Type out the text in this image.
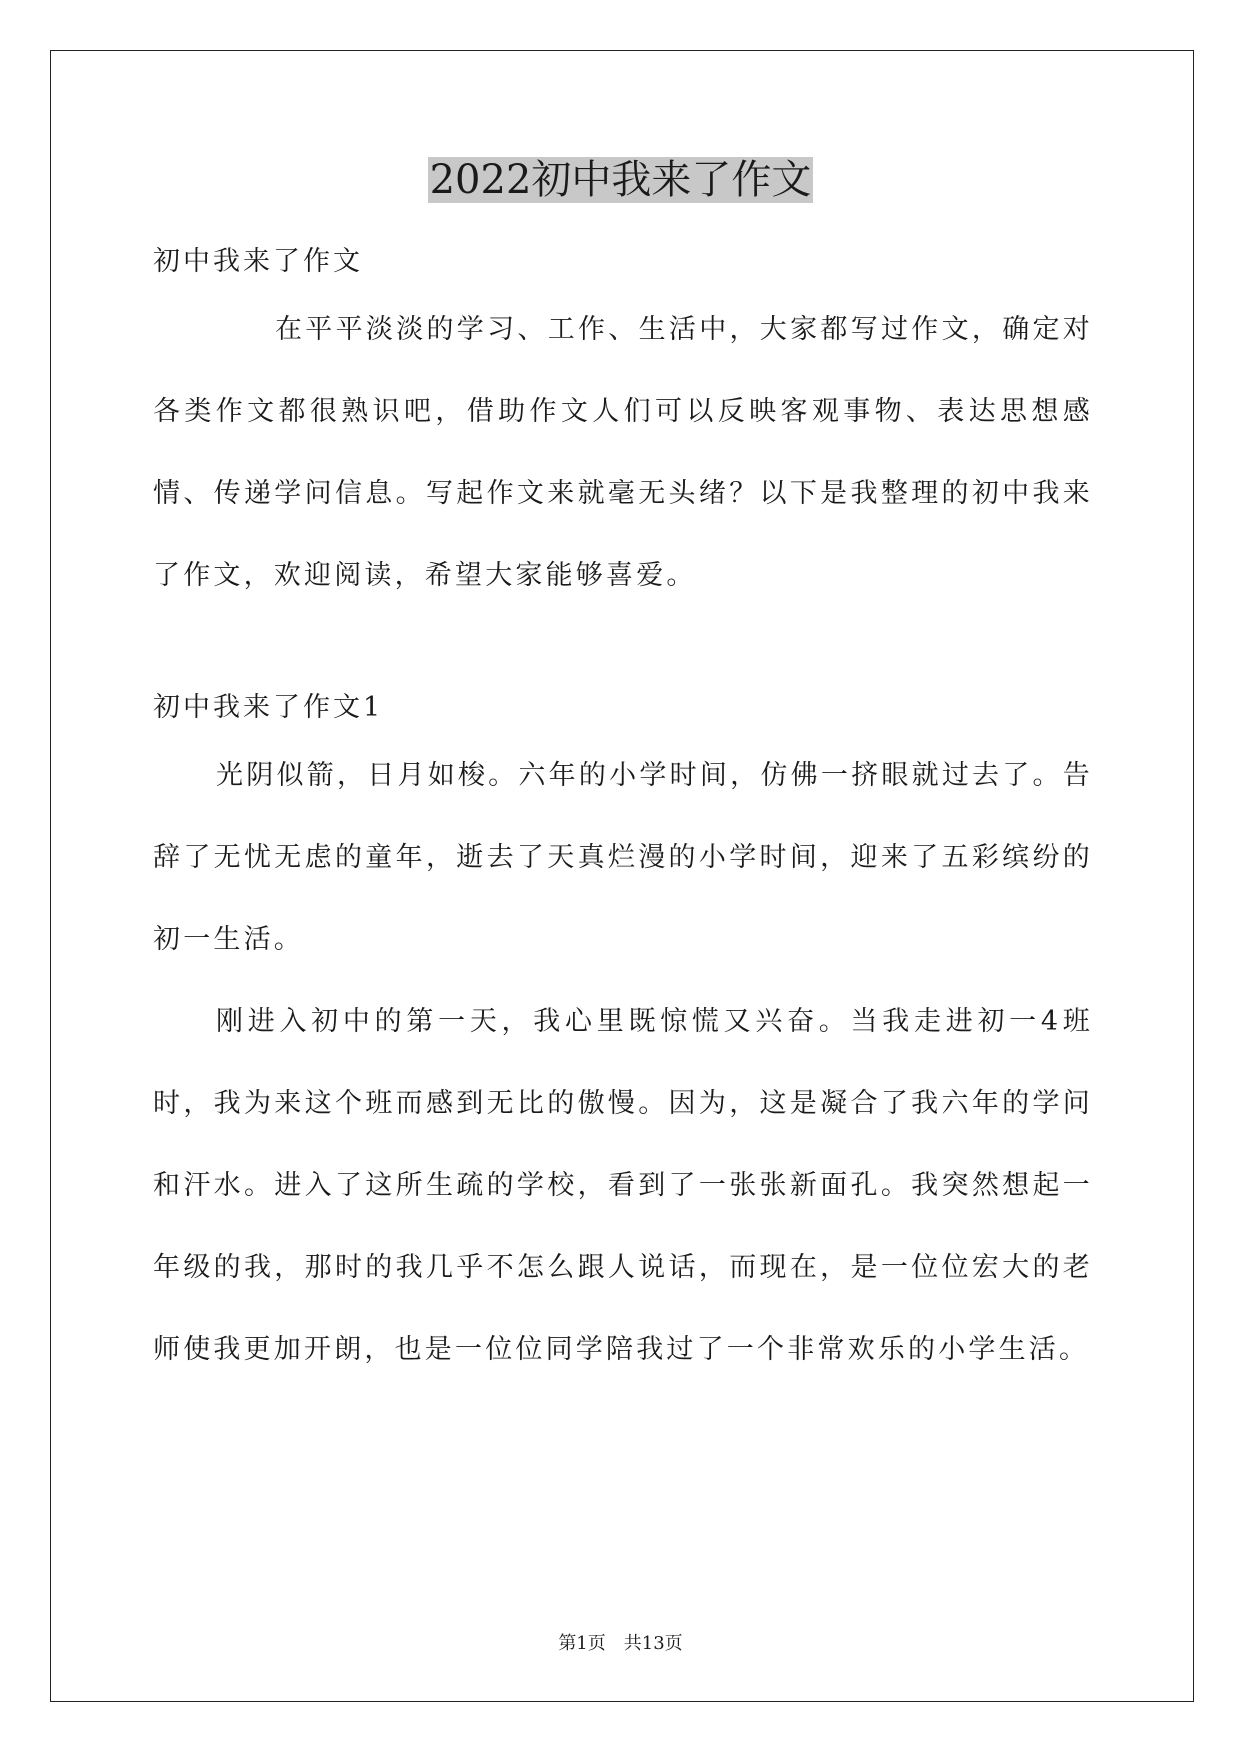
2022初中我来了作文
初中我来了作文

在平平淡淡的学习、工作、生活中，大家都写过作文，确定对各类作文都很熟识吧，借助作文人们可以反映客观事物、表达思想感情、传递学问信息。写起作文来就毫无头绪？以下是我整理的初中我来了作文，欢迎阅读，希望大家能够喜爱。

初中我来了作文1

光阴似箭，日月如梭。六年的小学时间，仿佛一挤眼就过去了。告辞了无忧无虑的童年，逝去了天真烂漫的小学时间，迎来了五彩缤纷的初一生活。

刚进入初中的第一天，我心里既惊慌又兴奋。当我走进初一4班时，我为来这个班而感到无比的傲慢。因为，这是凝合了我六年的学问和汗水。进入了这所生疏的学校，看到了一张张新面孔。我突然想起一年级的我，那时的我几乎不怎么跟人说话，而现在，是一位位宏大的老师使我更加开朗，也是一位位同学陪我过了一个非常欢乐的小学生活。

第1页 共13页
